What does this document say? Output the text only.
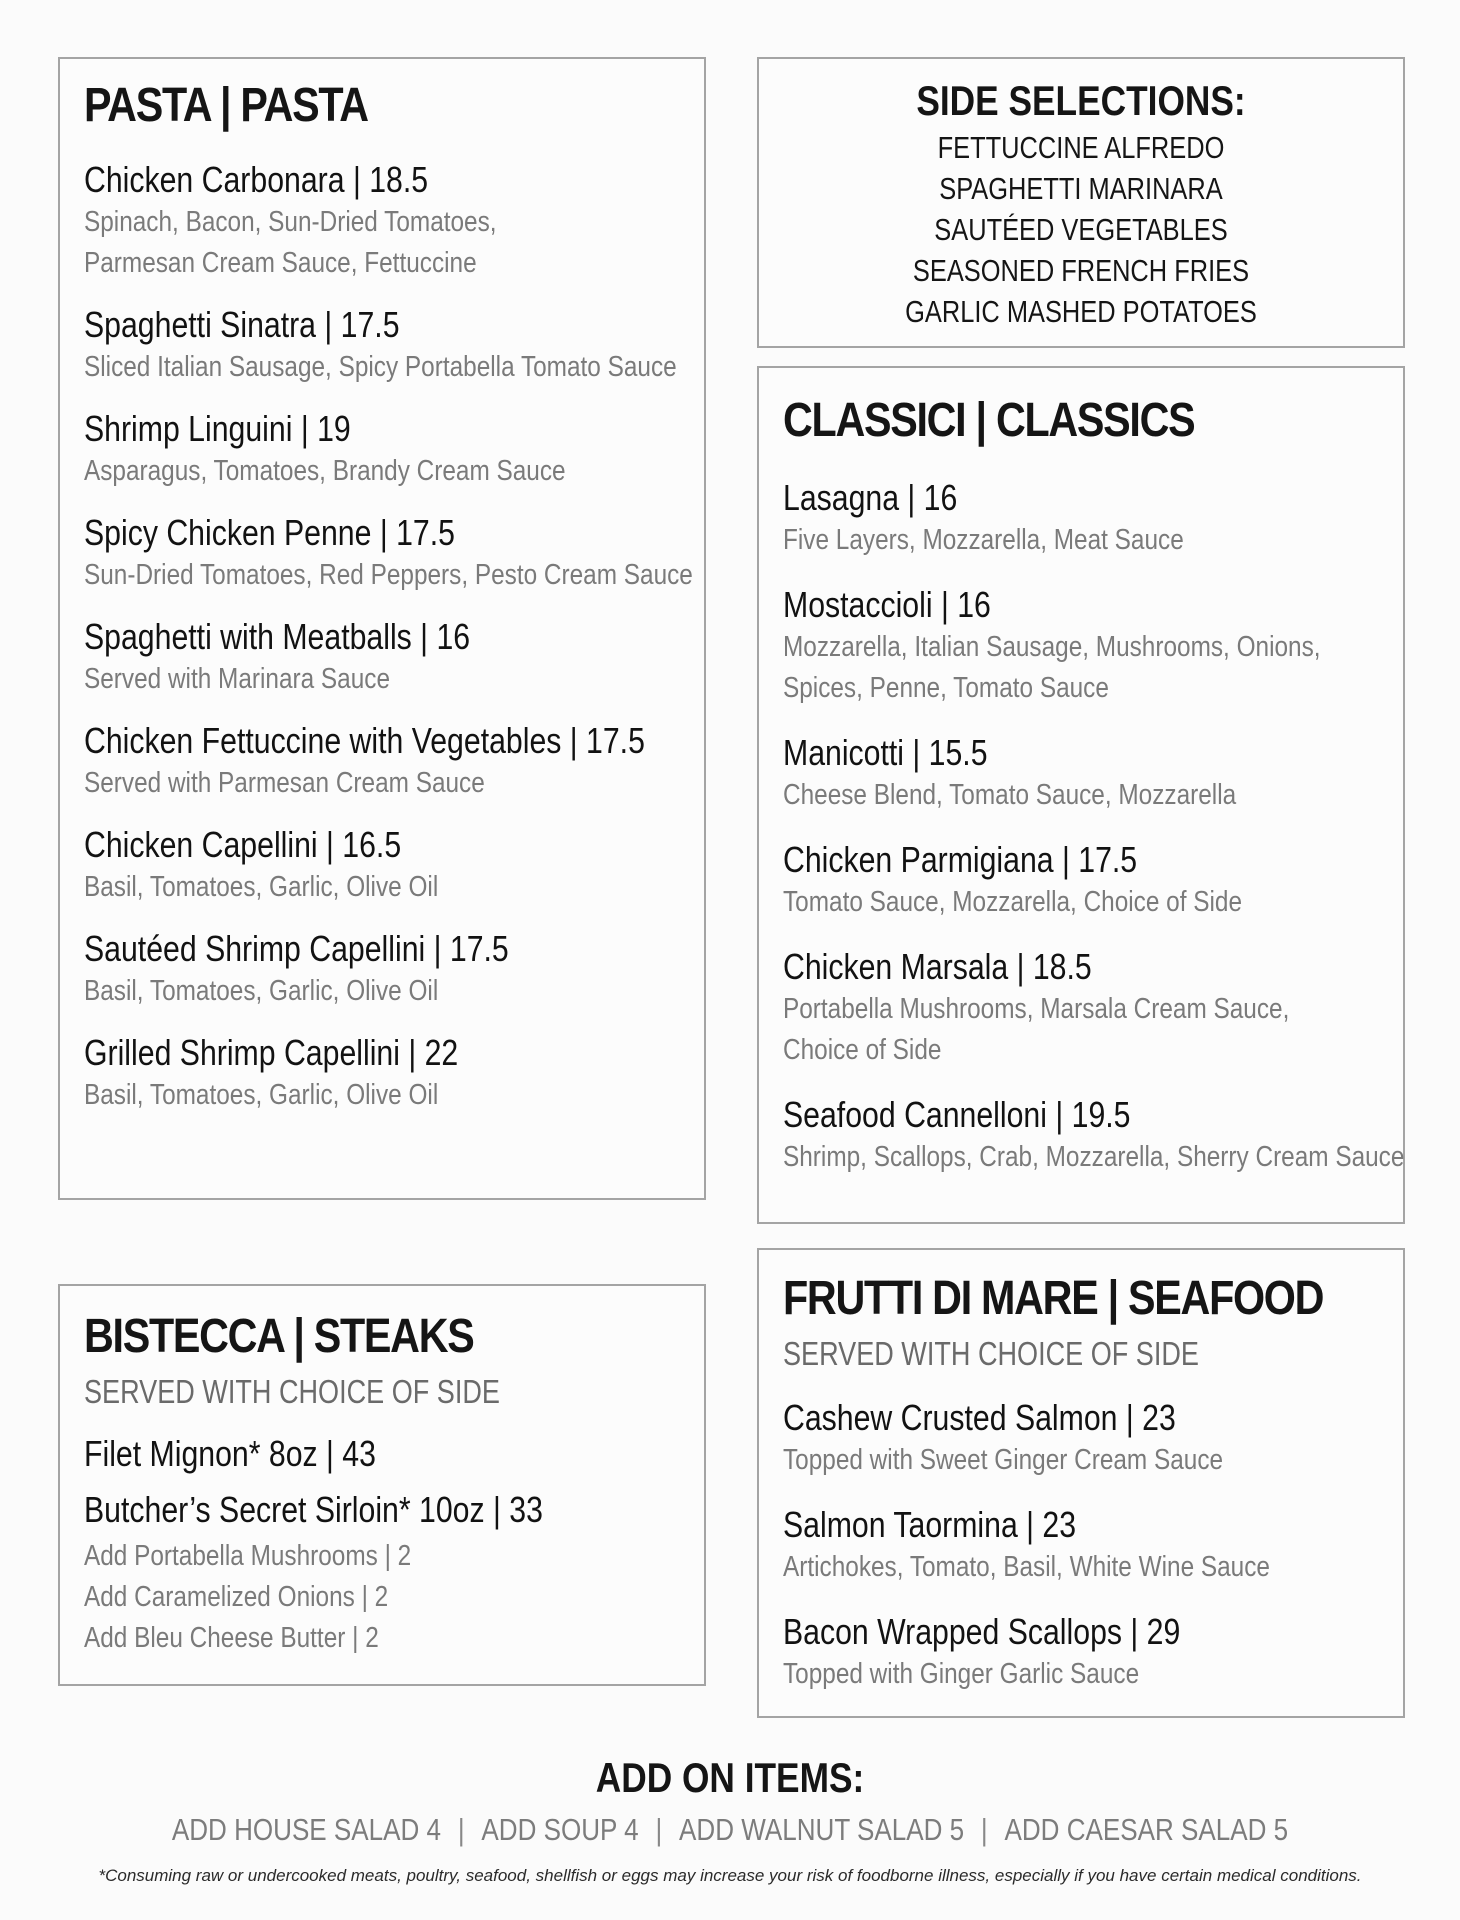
PASTA | PASTA
Chicken Carbonara | 18.5
Spinach, Bacon, Sun-Dried Tomatoes,
Parmesan Cream Sauce, Fettuccine
Spaghetti Sinatra | 17.5
Sliced Italian Sausage, Spicy Portabella Tomato Sauce
Shrimp Linguini | 19
Asparagus, Tomatoes, Brandy Cream Sauce
Spicy Chicken Penne | 17.5
Sun-Dried Tomatoes, Red Peppers, Pesto Cream Sauce
Spaghetti with Meatballs | 16
Served with Marinara Sauce
Chicken Fettuccine with Vegetables | 17.5
Served with Parmesan Cream Sauce
Chicken Capellini | 16.5
Basil, Tomatoes, Garlic, Olive Oil
Sautéed Shrimp Capellini | 17.5
Basil, Tomatoes, Garlic, Olive Oil
Grilled Shrimp Capellini | 22
Basil, Tomatoes, Garlic, Olive Oil
SIDE SELECTIONS:
FETTUCCINE ALFREDO
SPAGHETTI MARINARA
SAUTÉED VEGETABLES
SEASONED FRENCH FRIES
GARLIC MASHED POTATOES
CLASSICI | CLASSICS
Lasagna | 16
Five Layers, Mozzarella, Meat Sauce
Mostaccioli | 16
Mozzarella, Italian Sausage, Mushrooms, Onions,
Spices, Penne, Tomato Sauce
Manicotti | 15.5
Cheese Blend, Tomato Sauce, Mozzarella
Chicken Parmigiana | 17.5
Tomato Sauce, Mozzarella, Choice of Side
Chicken Marsala | 18.5
Portabella Mushrooms, Marsala Cream Sauce,
Choice of Side
Seafood Cannelloni | 19.5
Shrimp, Scallops, Crab, Mozzarella, Sherry Cream Sauce
BISTECCA | STEAKS
SERVED WITH CHOICE OF SIDE
Filet Mignon* 8oz | 43
Butcher’s Secret Sirloin* 10oz | 33
Add Portabella Mushrooms | 2
Add Caramelized Onions | 2
Add Bleu Cheese Butter | 2
FRUTTI DI MARE | SEAFOOD
SERVED WITH CHOICE OF SIDE
Cashew Crusted Salmon | 23
Topped with Sweet Ginger Cream Sauce
Salmon Taormina | 23
Artichokes, Tomato, Basil, White Wine Sauce
Bacon Wrapped Scallops | 29
Topped with Ginger Garlic Sauce
ADD ON ITEMS:
ADD HOUSE SALAD 4 | ADD SOUP 4 | ADD WALNUT SALAD 5 | ADD CAESAR SALAD 5
*Consuming raw or undercooked meats, poultry, seafood, shellfish or eggs may increase your risk of foodborne illness, especially if you have certain medical conditions.
